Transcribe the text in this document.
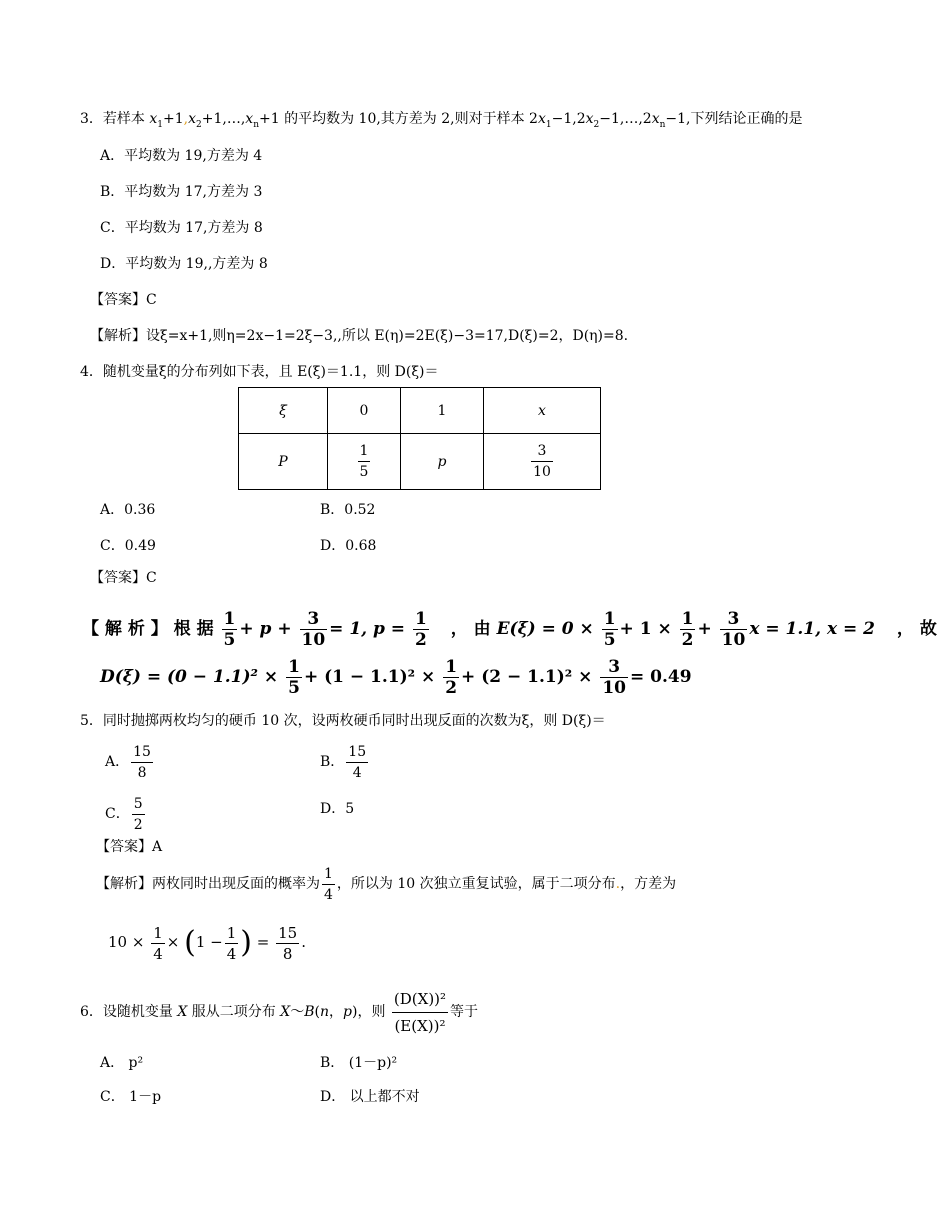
3．若样本 $x_1+1,x_2+1,\dots,x_n+1$ 的平均数为 10,其方差为 2,则对于样本 $2x_1-1,2x_2-1,\dots,2x_n-1$,下列结论正确的是
A．平均数为 19,方差为 4
B．平均数为 17,方差为 3
C．平均数为 17,方差为 8
D．平均数为 19,,方差为 8
【答案】C
【解析】设ξ=x+1,则η=2x−1=2ξ−3,,所以 E(η)=2E(ξ)−3=17,D(ξ)=2，D(η)=8.
4．随机变量ξ的分布列如下表，且 E(ξ)＝1.1，则 D(ξ)＝
ξ	0	1	x
P	$\frac{1}{5}$	p	$\frac{3}{10}$
A．0.36	B．0.52
C．0.49	D．0.68
【答案】C
【 解 析 】 根 据 $\frac{1}{5} + p + \frac{3}{10} = 1$, $p = \frac{1}{2}$ ， 由 $E(\xi) = 0 \times \frac{1}{5} + 1 \times \frac{1}{2} + \frac{3}{10}$ x = 1.1, x = 2 ， 故
$D(\xi) = (0 - 1.1)^2 \times \frac{1}{5} + (1 - 1.1)^2 \times \frac{1}{2} + (2 - 1.1)^2 \times \frac{3}{10} = 0.49$
5．同时抛掷两枚均匀的硬币 10 次，设两枚硬币同时出现反面的次数为ξ，则 D(ξ)＝
A． $\frac{15}{8}$	B． $\frac{15}{4}$
C． $\frac{5}{2}$	D．5
【答案】A
【解析】两枚同时出现反面的概率为 $\frac{1}{4}$ ，所以为 10 次独立重复试验，属于二项分布.，方差为
$10 \times \frac{1}{4} \times (1 - \frac{1}{4}$ ) = $\frac{15}{8}$ .
6．设随机变量 X 服从二项分布 X～B(n，p)，则 $\frac{\text{(D(X))²}}{\text{(E(X))²}}$ 等于
A． p²	B． (1－p)²
C． 1－p	D． 以上都不对
